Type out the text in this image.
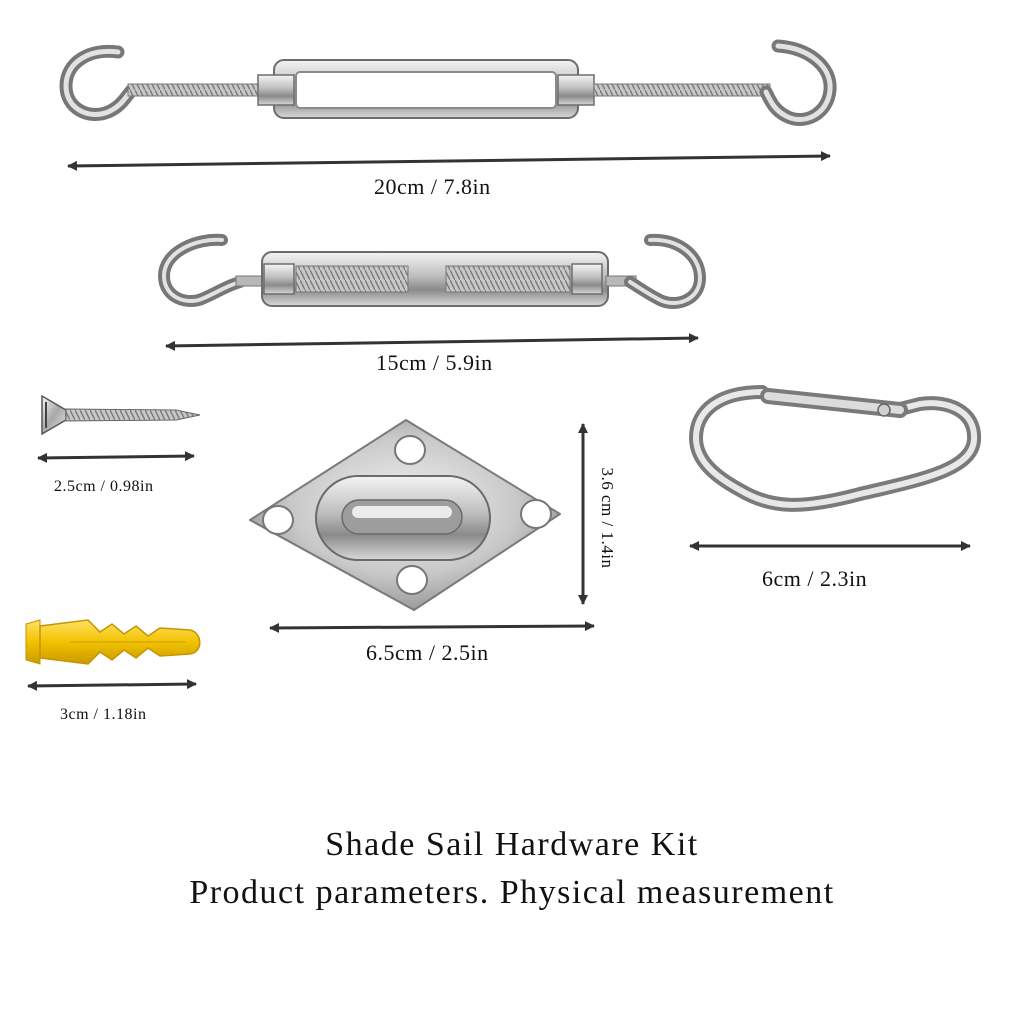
20cm / 7.8in
15cm / 5.9in
2.5cm / 0.98in
6.5cm / 2.5in
3.6 cm / 1.4in
6cm / 2.3in
3cm / 1.18in
Shade Sail Hardware Kit
Product parameters. Physical measurement
